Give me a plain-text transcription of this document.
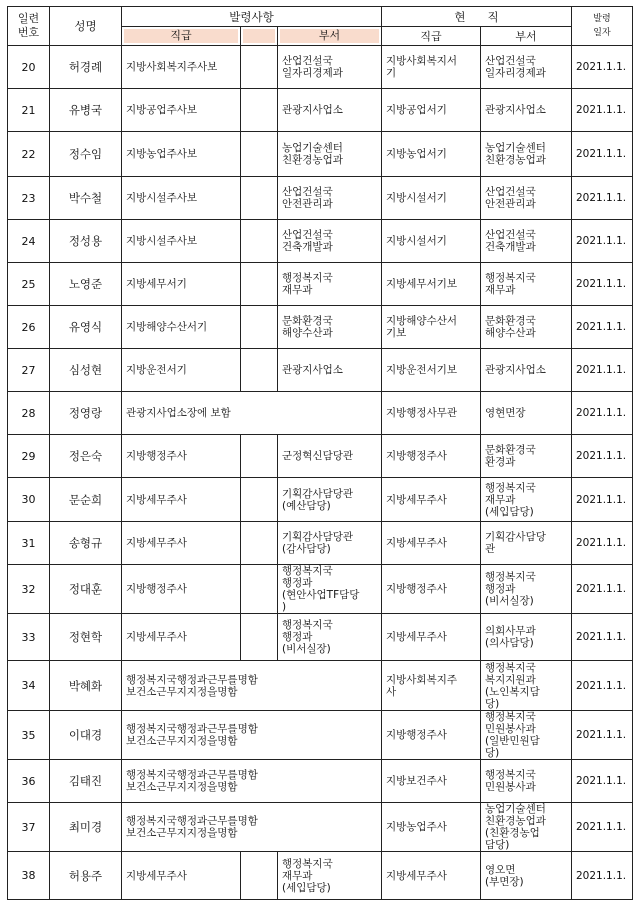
일련
번호	성명	발령사항			현      직		발령
일자

		직급		부서	직급	부서	
20	허경례	지방사회복지주사보		산업건설국
일자리경제과	지방사회복지서
기	산업건설국
일자리경제과	2021.1.1.
21	유병국	지방공업주사보		관광지사업소	지방공업서기	관광지사업소	2021.1.1.
22	정수임	지방농업주사보		농업기술센터
친환경농업과	지방농업서기	농업기술센터
친환경농업과	2021.1.1.
23	박수철	지방시설주사보		산업건설국
안전관리과	지방시설서기	산업건설국
안전관리과	2021.1.1.
24	정성용	지방시설주사보		산업건설국
건축개발과	지방시설서기	산업건설국
건축개발과	2021.1.1.
25	노영준	지방세무서기		행정복지국
재무과	지방세무서기보	행정복지국
재무과	2021.1.1.
26	유영식	지방해양수산서기		문화환경국
해양수산과	지방해양수산서
기보	문화환경국
해양수산과	2021.1.1.
27	심성현	지방운전서기		관광지사업소	지방운전서기보	관광지사업소	2021.1.1.
28	정영랑	관광지사업소장에 보함			지방행정사무관	영현면장	2021.1.1.
29	정은숙	지방행정주사		군정혁신담당관	지방행정주사	문화환경국
환경과	2021.1.1.
30	문순희	지방세무주사		기획감사담당관
(예산담당)	지방세무주사	행정복지국
재무과
(세입담당)	2021.1.1.
31	송형규	지방세무주사		기획감사담당관
(감사담당)	지방세무주사	기획감사담당
관	2021.1.1.
32	정대훈	지방행정주사		행정복지국
행정과
(현안사업TF담당
)	지방행정주사	행정복지국
행정과
(비서실장)	2021.1.1.
33	정현학	지방세무주사		행정복지국
행정과
(비서실장)	지방세무주사	의회사무과
(의사담당)	2021.1.1.
34	박혜화	행정복지국행정과근무를명함
보건소근무지지정을명함			지방사회복지주
사	행정복지국
복지지원과
(노인복지담
당)	2021.1.1.
35	이대경	행정복지국행정과근무를명함
보건소근무지지정을명함			지방행정주사	행정복지국
민원봉사과
(일반민원담
당)	2021.1.1.
36	김태진	행정복지국행정과근무를명함
보건소근무지지정을명함			지방보건주사	행정복지국
민원봉사과	2021.1.1.
37	최미경	행정복지국행정과근무를명함
보건소근무지지정을명함			지방농업주사	농업기술센터
친환경농업과
(친환경농업
담당)	2021.1.1.
38	허용주	지방세무주사		행정복지국
재무과
(세입담당)	지방세무주사	영오면
(부면장)	2021.1.1.
